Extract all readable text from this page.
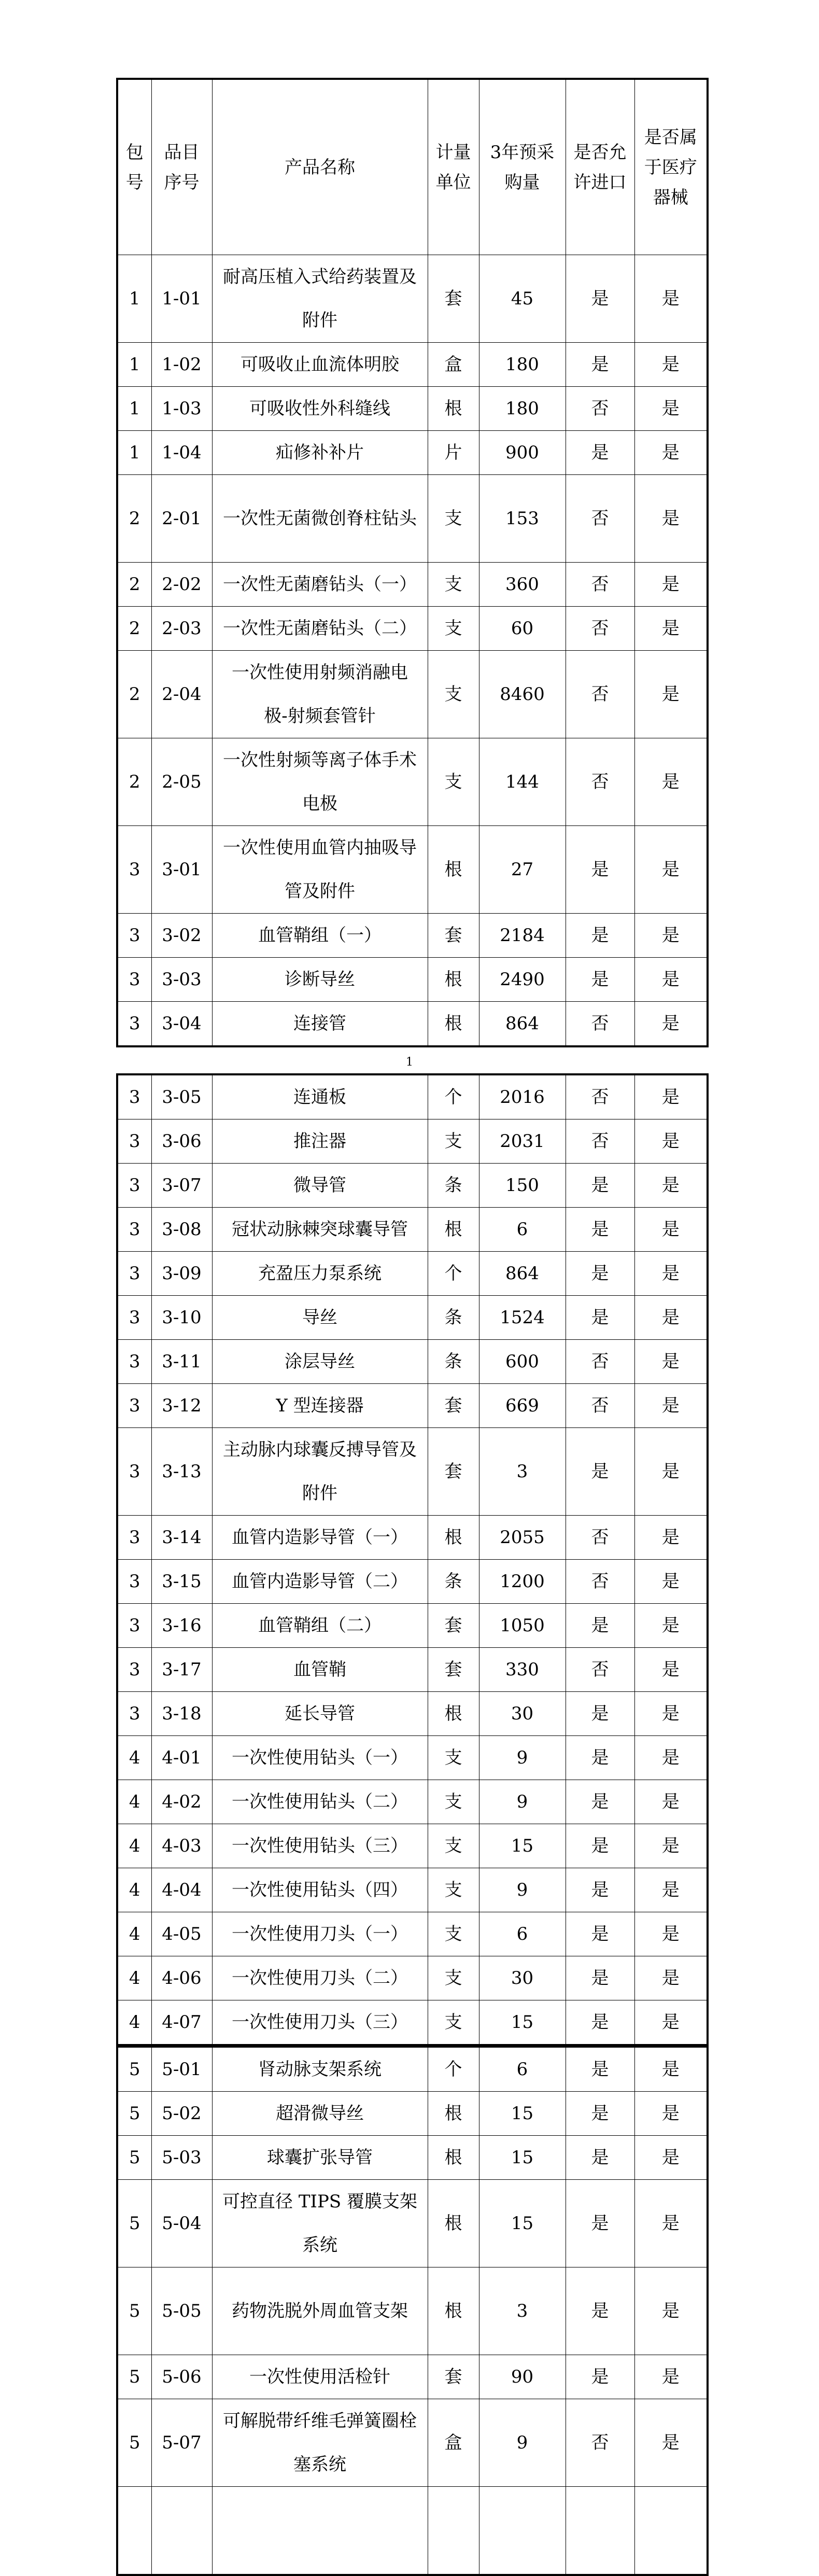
包号	品目序号	产品名称	计量单位	3年预采购量	是否允许进口	是否属于医疗器械
1	1-01	耐高压植入式给药装置及附件	套	45	是	是
1	1-02	可吸收止血流体明胶	盒	180	是	是
1	1-03	可吸收性外科缝线	根	180	否	是
1	1-04	疝修补补片	片	900	是	是
2	2-01	一次性无菌微创脊柱钻头	支	153	否	是
2	2-02	一次性无菌磨钻头（一）	支	360	否	是
2	2-03	一次性无菌磨钻头（二）	支	60	否	是
2	2-04	一次性使用射频消融电极-射频套管针	支	8460	否	是
2	2-05	一次性射频等离子体手术电极	支	144	否	是
3	3-01	一次性使用血管内抽吸导管及附件	根	27	是	是
3	3-02	血管鞘组（一）	套	2184	是	是
3	3-03	诊断导丝	根	2490	是	是
3	3-04	连接管	根	864	否	是
1
3	3-05	连通板	个	2016	否	是
3	3-06	推注器	支	2031	否	是
3	3-07	微导管	条	150	是	是
3	3-08	冠状动脉棘突球囊导管	根	6	是	是
3	3-09	充盈压力泵系统	个	864	是	是
3	3-10	导丝	条	1524	是	是
3	3-11	涂层导丝	条	600	否	是
3	3-12	Y 型连接器	套	669	否	是
3	3-13	主动脉内球囊反搏导管及附件	套	3	是	是
3	3-14	血管内造影导管（一）	根	2055	否	是
3	3-15	血管内造影导管（二）	条	1200	否	是
3	3-16	血管鞘组（二）	套	1050	是	是
3	3-17	血管鞘	套	330	否	是
3	3-18	延长导管	根	30	是	是
4	4-01	一次性使用钻头（一）	支	9	是	是
4	4-02	一次性使用钻头（二）	支	9	是	是
4	4-03	一次性使用钻头（三）	支	15	是	是
4	4-04	一次性使用钻头（四）	支	9	是	是
4	4-05	一次性使用刀头（一）	支	6	是	是
4	4-06	一次性使用刀头（二）	支	30	是	是
4	4-07	一次性使用刀头（三）	支	15	是	是
5	5-01	肾动脉支架系统	个	6	是	是
5	5-02	超滑微导丝	根	15	是	是
5	5-03	球囊扩张导管	根	15	是	是
5	5-04	可控直径 TIPS 覆膜支架系统	根	15	是	是
5	5-05	药物洗脱外周血管支架	根	3	是	是
5	5-06	一次性使用活检针	套	90	是	是
5	5-07	可解脱带纤维毛弹簧圈栓塞系统	盒	9	否	是
